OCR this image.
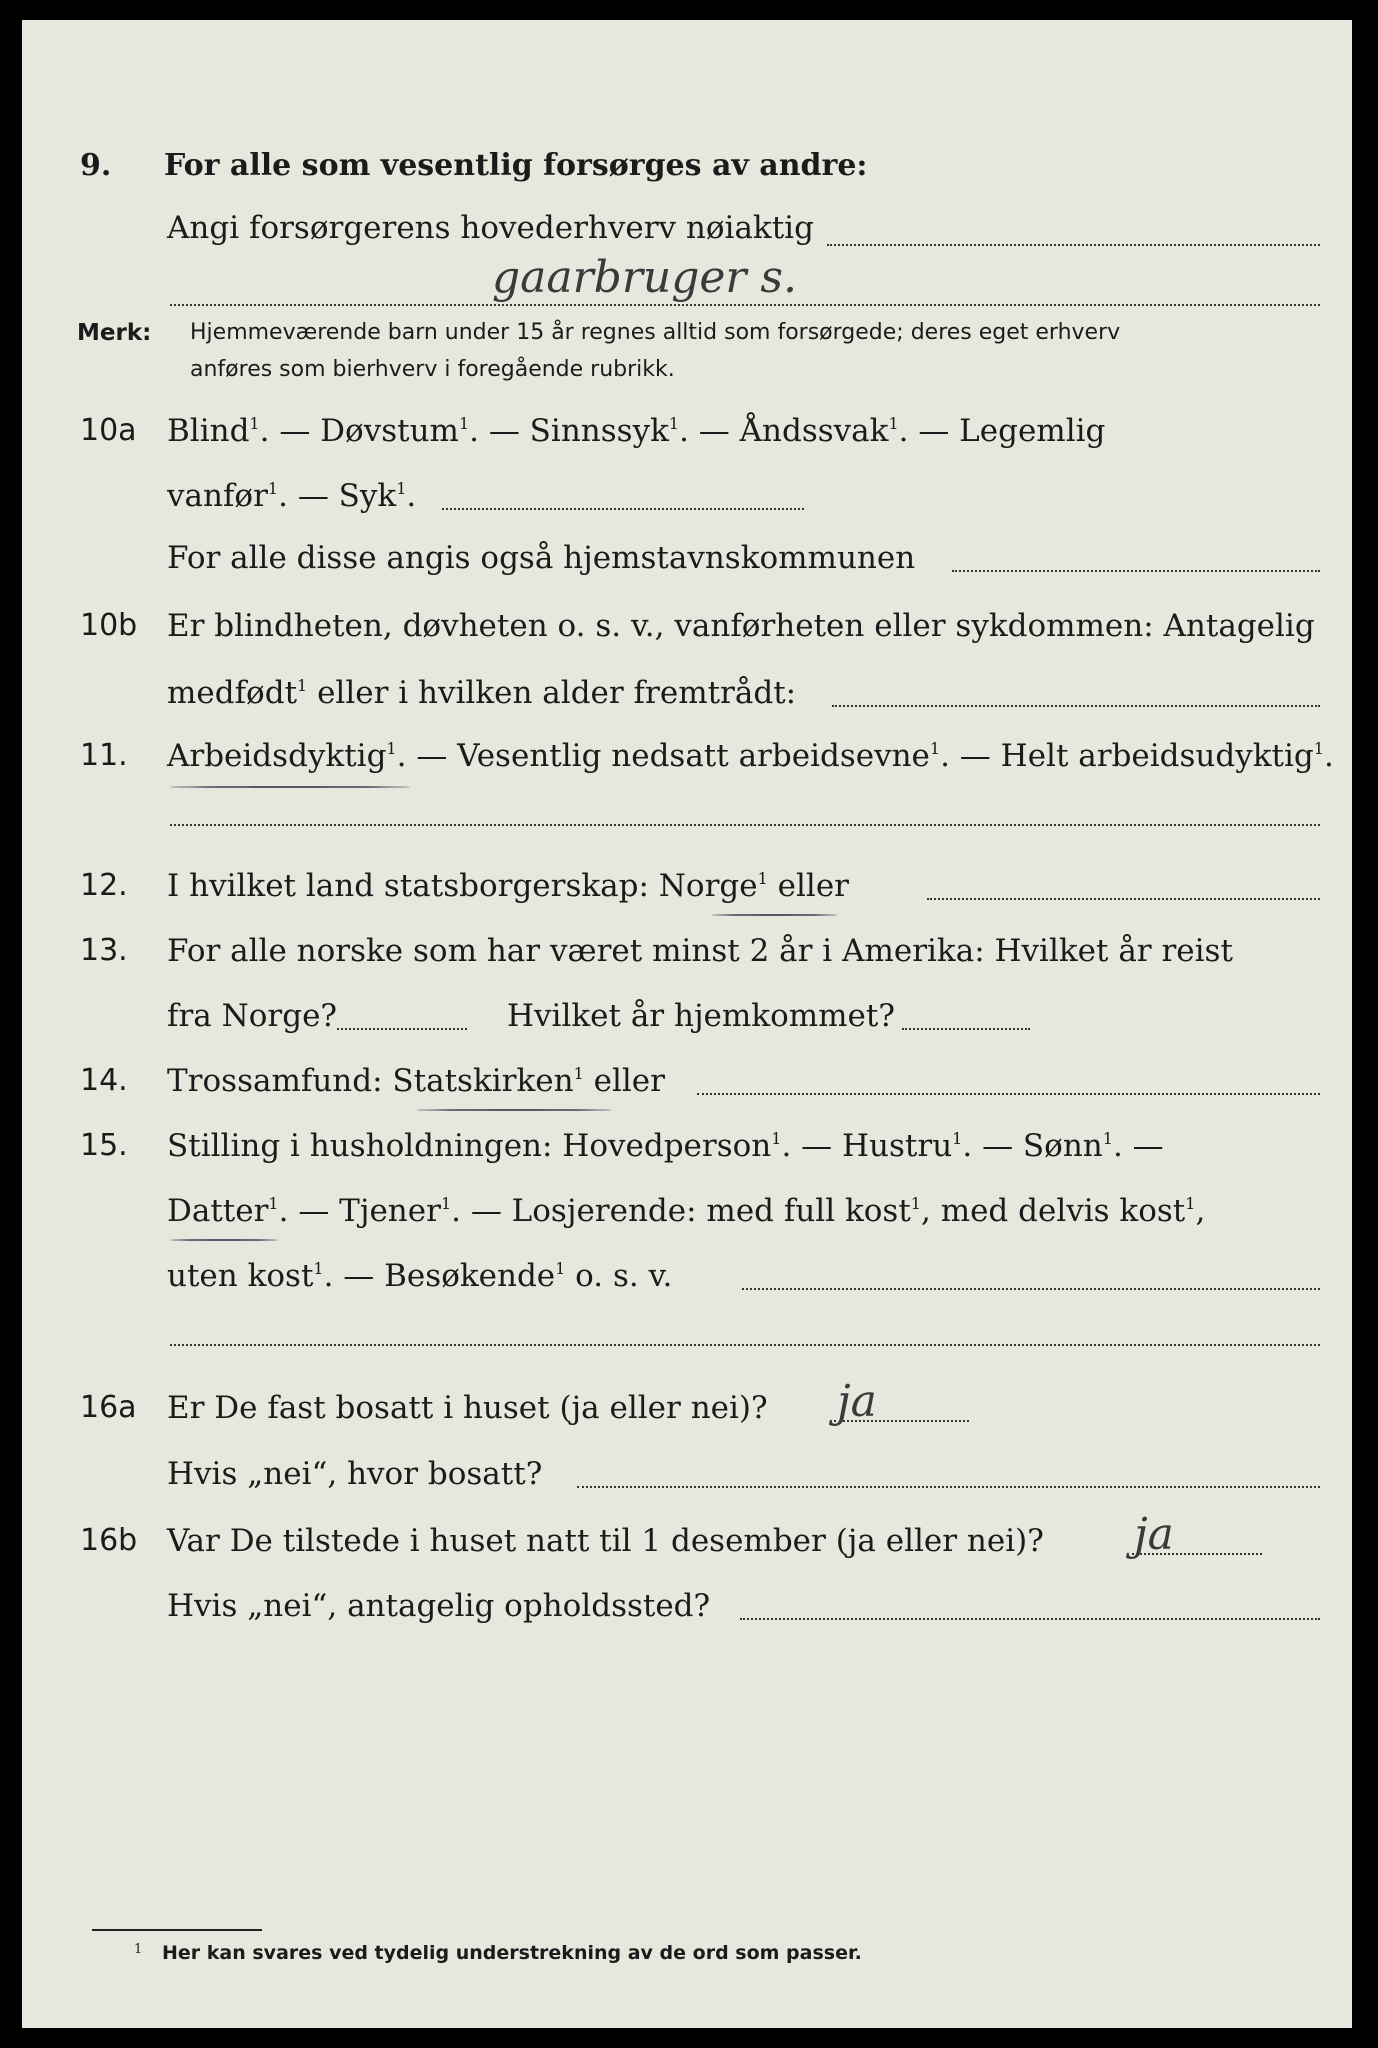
9. For alle som vesentlig forsørges av andre:
Angi forsørgerens hovederhverv nøiaktig
gaarbruger s.
Merk: Hjemmeværende barn under 15 år regnes alltid som forsørgede; deres eget erhverv
anføres som bierhverv i foregående rubrikk.
10a Blind$^1$. — Døvstum$^1$. — Sinnssyk$^1$. — Åndssvak$^1$. — Legemlig
vanfør$^1$. — Syk$^1$.
For alle disse angis også hjemstavnskommunen
10b Er blindheten, døvheten o. s. v., vanførheten eller sykdommen: Antagelig
medfødt$^1$ eller i hvilken alder fremtrådt:
11. Arbeidsdyktig$^1$. — Vesentlig nedsatt arbeidsevne$^1$. — Helt arbeidsudyktig$^1$.
12. I hvilket land statsborgerskap: Norge$^1$ eller
13. For alle norske som har været minst 2 år i Amerika: Hvilket år reist
fra Norge?	Hvilket år hjemkommet?
14. Trossamfund: Statskirken$^1$ eller
15. Stilling i husholdningen: Hovedperson$^1$. — Hustru$^1$. — Sønn$^1$. —
Datter$^1$. — Tjener$^1$. — Losjerende: med full kost$^1$, med delvis kost$^1$,
uten kost$^1$. — Besøkende$^1$ o. s. v.
16a Er De fast bosatt i huset (ja eller nei)? ja
Hvis „nei“, hvor bosatt?
16b Var De tilstede i huset natt til 1 desember (ja eller nei)? ja
Hvis „nei“, antagelig opholdssted?
1 Her kan svares ved tydelig understrekning av de ord som passer.
